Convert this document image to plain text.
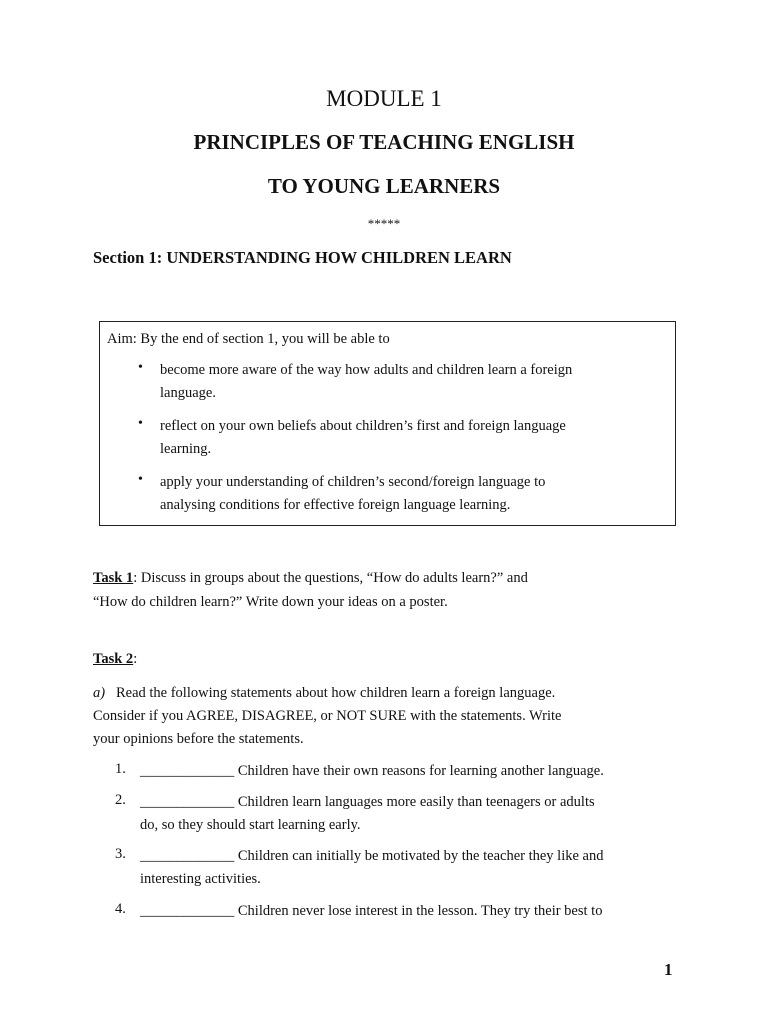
MODULE 1
PRINCIPLES OF TEACHING ENGLISH
TO YOUNG LEARNERS
*****
Section 1: UNDERSTANDING HOW CHILDREN LEARN
Aim: By the end of section 1, you will be able to
• become more aware of the way how adults and children learn a foreign
language.
• reflect on your own beliefs about children’s first and foreign language
learning.
• apply your understanding of children’s second/foreign language to
analysing conditions for effective foreign language learning.
Task 1: Discuss in groups about the questions, “How do adults learn?” and
“How do children learn?” Write down your ideas on a poster.
Task 2:
a) Read the following statements about how children learn a foreign language.
Consider if you AGREE, DISAGREE, or NOT SURE with the statements. Write
your opinions before the statements.
1. _____________ Children have their own reasons for learning another language.
2. _____________ Children learn languages more easily than teenagers or adults
do, so they should start learning early.
3. _____________ Children can initially be motivated by the teacher they like and
interesting activities.
4. _____________ Children never lose interest in the lesson. They try their best to
1
